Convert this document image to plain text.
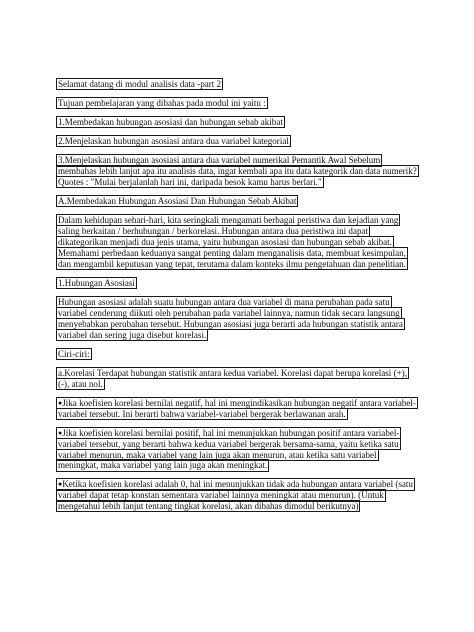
Selamat datang di modul analisis data -part 2
Tujuan pembelajaran yang dibahas pada modul ini yaitu :
1.Membedakan hubungan asosiasi dan hubungan sebab akibat
2.Menjelaskan hubungan asosiasi antara dua variabel kategorial
3.Menjelaskan hubungan asosiasi antara dua variabel numerikal Pemantik Awal Sebelum
membahas lebih lanjut apa itu analisis data, ingat kembali apa itu data kategorik dan data numerik?
Quotes : "Mulai berjalanlah hari ini, daripada besok kamu harus berlari."
A.Membedakan Hubungan Asosiasi Dan Hubungan Sebab Akibat
Dalam kehidupan sehari-hari, kita seringkali mengamati berbagai peristiwa dan kejadian yang
saling berkaitan / berhubungan / berkorelasi. Hubungan antara dua peristiwa ini dapat
dikategorikan menjadi dua jenis utama, yaitu hubungan asosiasi dan hubungan sebab akibat.
Memahami perbedaan keduanya sangat penting dalam menganalisis data, membuat kesimpulan,
dan mengambil keputusan yang tepat, terutama dalam konteks ilmu pengetahuan dan penelitian.
1.Hubungan Asosiasi
Hubungan asosiasi adalah suatu hubungan antara dua variabel di mana perubahan pada satu
variabel cenderung diikuti oleh perubahan pada variabel lainnya, namun tidak secara langsung
menyebabkan perubahan tersebut. Hubungan asosiasi juga berarti ada hubungan statistik antara
variabel dan sering juga disebut korelasi.
Ciri-ciri:
a.Korelasi Terdapat hubungan statistik antara kedua variabel. Korelasi dapat berupa korelasi (+),
(-), atau nol.
●Jika koefisien korelasi bernilai negatif, hal ini mengindikasikan hubungan negatif antara variabel-
variabel tersebut. Ini berarti bahwa variabel-variabel bergerak berlawanan arah.
●Jika koefisien korelasi bernilai positif, hal ini menunjukkan hubungan positif antara variabel-
variabel tersebut, yang berarti bahwa kedua variabel bergerak bersama-sama, yaitu ketika satu
variabel menurun, maka variabel yang lain juga akan menurun, atau ketika satu variabel
meningkat, maka variabel yang lain juga akan meningkat.
●Ketika koefisien korelasi adalah 0, hal ini menunjukkan tidak ada hubungan antara variabel (satu
variabel dapat tetap konstan sementara variabel lainnya meningkat atau menurun). (Untuk
mengetahui lebih lanjut tentang tingkat korelasi, akan dibahas dimodul berikutnya)
